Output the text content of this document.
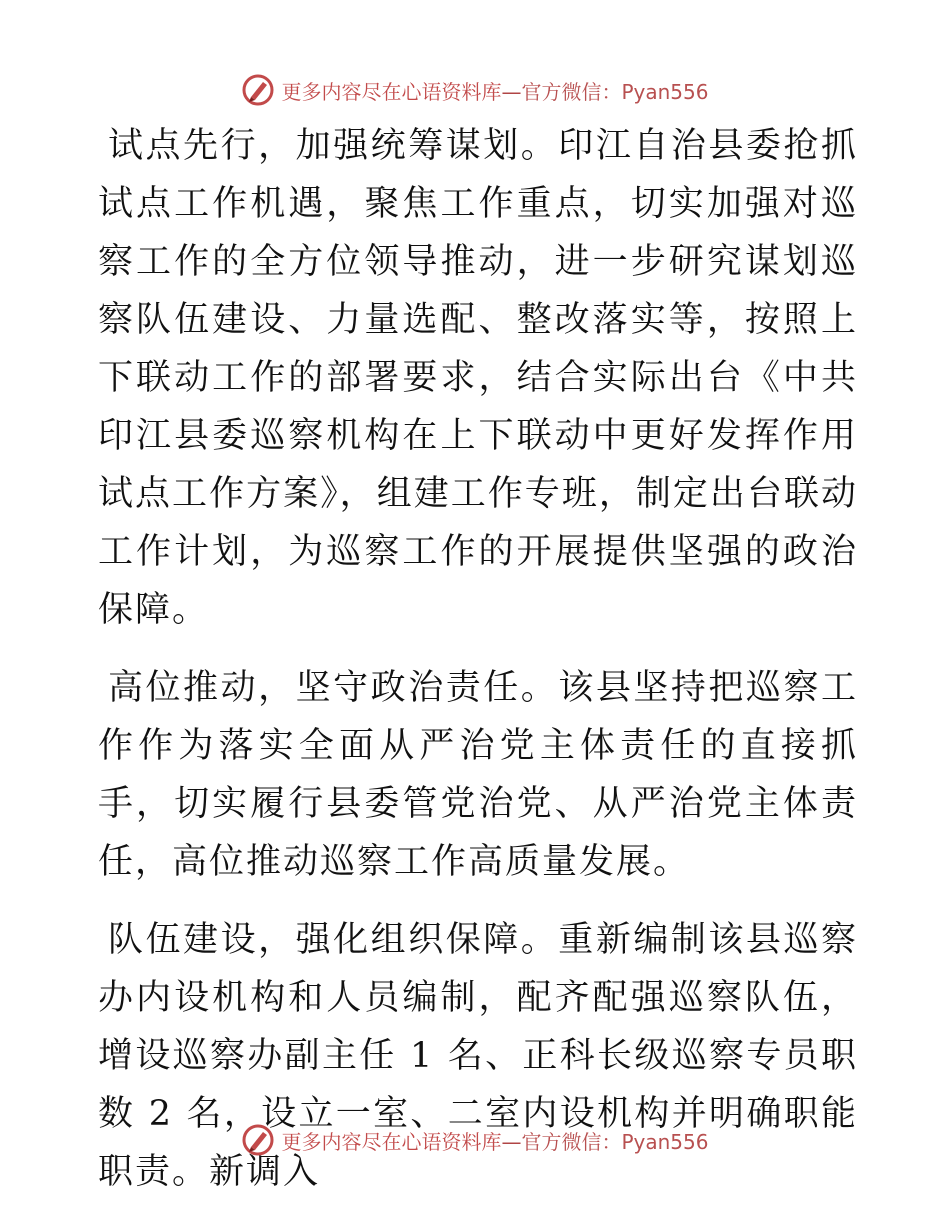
更多内容尽在心语资料库—官方微信：Pyan556

试点先行，加强统筹谋划。印江自治县委抢抓试点工作机遇，聚焦工作重点，切实加强对巡察工作的全方位领导推动，进一步研究谋划巡察队伍建设、力量选配、整改落实等，按照上下联动工作的部署要求，结合实际出台《中共印江县委巡察机构在上下联动中更好发挥作用试点工作方案》，组建工作专班，制定出台联动工作计划，为巡察工作的开展提供坚强的政治保障。

高位推动，坚守政治责任。该县坚持把巡察工作作为落实全面从严治党主体责任的直接抓手，切实履行县委管党治党、从严治党主体责任，高位推动巡察工作高质量发展。

队伍建设，强化组织保障。重新编制该县巡察办内设机构和人员编制，配齐配强巡察队伍，增设巡察办副主任 1 名、正科长级巡察专员职数 2 名，设立一室、二室内设机构并明确职能职责。新调入

更多内容尽在心语资料库—官方微信：Pyan556
